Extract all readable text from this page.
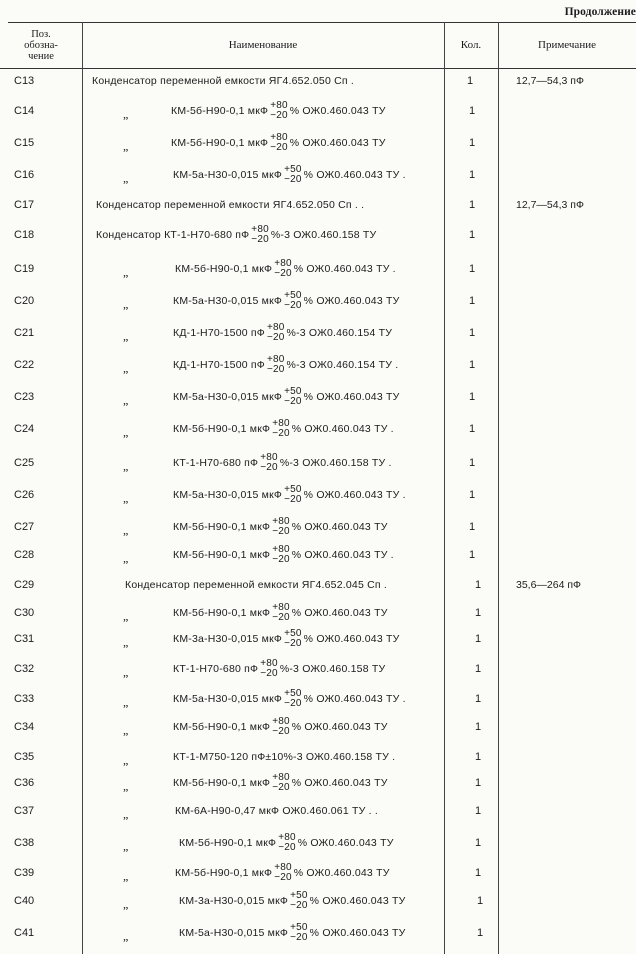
Продолжение
Поз.
обозна-
чение
Наименование	Кол.	Примечание
C13	Конденсатор переменной емкости ЯГ4.652.050 Сп .	1	12,7—54,3 пФ
C14	„	КМ-5б-Н90-0,1 мкФ +80
−20 % ОЖ0.460.043 ТУ	1
C15	„	КМ-5б-Н90-0,1 мкФ +80
−20 % ОЖ0.460.043 ТУ	1
C16	„	КМ-5а-Н30-0,015 мкФ +50
−20 % ОЖ0.460.043 ТУ .	1
C17	Конденсатор переменной емкости ЯГ4.652.050 Сп . .	1	12,7—54,3 пФ
C18	Конденсатор КТ-1-Н70-680 пФ +80
−20 %-3 ОЖ0.460.158 ТУ	1
C19	„	КМ-5б-Н90-0,1 мкФ +80
−20 % ОЖ0.460.043 ТУ .	1
C20	„	КМ-5а-Н30-0,015 мкФ +50
−20 % ОЖ0.460.043 ТУ	1
C21	„	КД-1-Н70-1500 пФ +80
−20 %-3 ОЖ0.460.154 ТУ	1
C22	„	КД-1-Н70-1500 пФ +80
−20 %-3 ОЖ0.460.154 ТУ .	1
C23	„	КМ-5а-Н30-0,015 мкФ +50
−20 % ОЖ0.460.043 ТУ	1
C24	„	КМ-5б-Н90-0,1 мкФ +80
−20 % ОЖ0.460.043 ТУ .	1
C25	„	КТ-1-Н70-680 пФ +80
−20 %-3 ОЖ0.460.158 ТУ .	1
C26	„	КМ-5а-Н30-0,015 мкФ +50
−20 % ОЖ0.460.043 ТУ .	1
C27	„	КМ-5б-Н90-0,1 мкФ +80
−20 % ОЖ0.460.043 ТУ	1
C28	„	КМ-5б-Н90-0,1 мкФ +80
−20 % ОЖ0.460.043 ТУ .	1
C29	Конденсатор переменной емкости ЯГ4.652.045 Сп .	1	35,6—264 пФ
C30	„	КМ-5б-Н90-0,1 мкФ +80
−20 % ОЖ0.460.043 ТУ	1
C31	„	КМ-3а-Н30-0,015 мкФ +50
−20 % ОЖ0.460.043 ТУ	1
C32	„	КТ-1-Н70-680 пФ +80
−20 %-3 ОЖ0.460.158 ТУ	1
C33	„	КМ-5а-Н30-0,015 мкФ +50
−20 % ОЖ0.460.043 ТУ .	1
C34	„	КМ-5б-Н90-0,1 мкФ +80
−20 % ОЖ0.460.043 ТУ	1
C35	„	КТ-1-М750-120 пФ±10%-3 ОЖ0.460.158 ТУ .	1
C36	„	КМ-5б-Н90-0,1 мкФ +80
−20 % ОЖ0.460.043 ТУ	1
C37	„	КМ-6А-Н90-0,47 мкФ ОЖ0.460.061 ТУ . .	1
C38	„	КМ-5б-Н90-0,1 мкФ +80
−20 % ОЖ0.460.043 ТУ	1
C39	„	КМ-5б-Н90-0,1 мкФ +80
−20 % ОЖ0.460.043 ТУ	1
C40	„	КМ-3а-Н30-0,015 мкФ +50
−20 % ОЖ0.460.043 ТУ	1
C41	„	КМ-5а-Н30-0,015 мкФ +50
−20 % ОЖ0.460.043 ТУ	1
